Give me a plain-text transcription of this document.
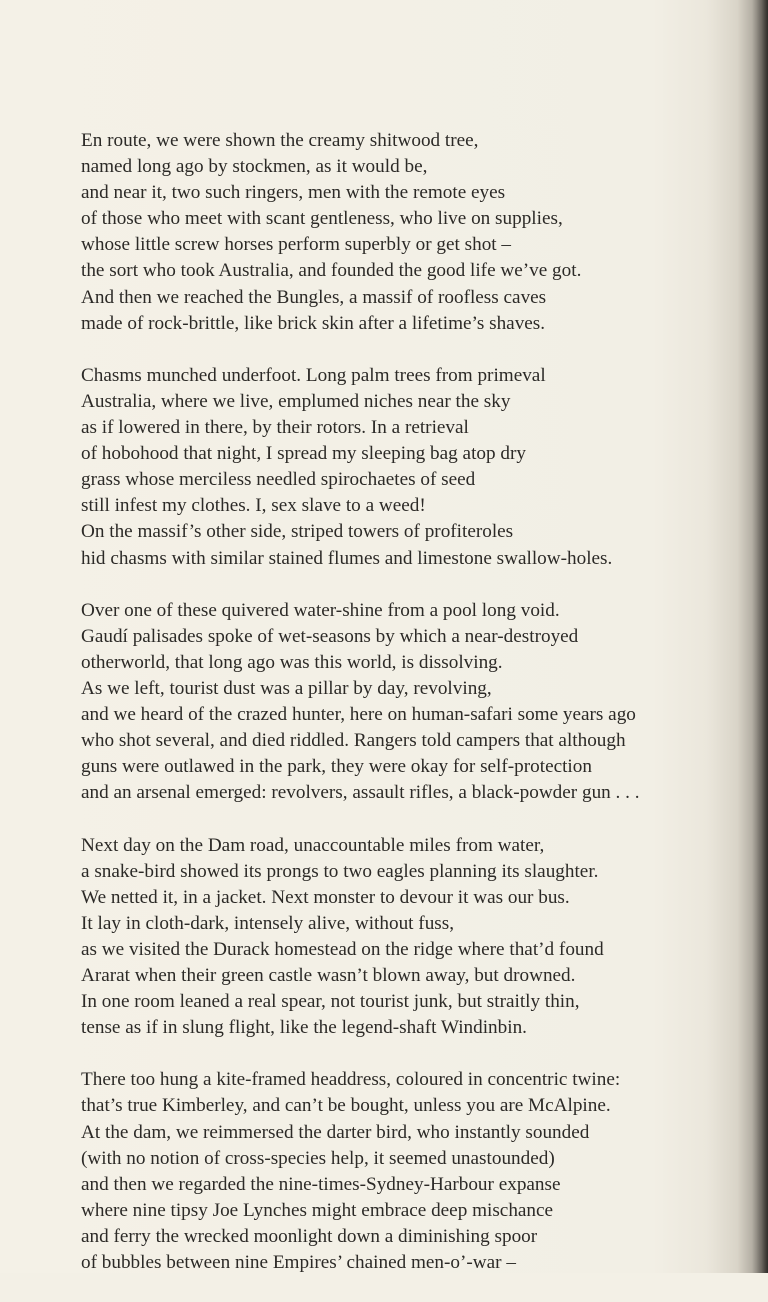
En route, we were shown the creamy shitwood tree,
named long ago by stockmen, as it would be,
and near it, two such ringers, men with the remote eyes
of those who meet with scant gentleness, who live on supplies,
whose little screw horses perform superbly or get shot –
the sort who took Australia, and founded the good life we’ve got.
And then we reached the Bungles, a massif of roofless caves
made of rock-brittle, like brick skin after a lifetime’s shaves.
Chasms munched underfoot. Long palm trees from primeval
Australia, where we live, emplumed niches near the sky
as if lowered in there, by their rotors. In a retrieval
of hobohood that night, I spread my sleeping bag atop dry
grass whose merciless needled spirochaetes of seed
still infest my clothes. I, sex slave to a weed!
On the massif’s other side, striped towers of profiteroles
hid chasms with similar stained flumes and limestone swallow-holes.
Over one of these quivered water-shine from a pool long void.
Gaudí palisades spoke of wet-seasons by which a near-destroyed
otherworld, that long ago was this world, is dissolving.
As we left, tourist dust was a pillar by day, revolving,
and we heard of the crazed hunter, here on human-safari some years ago
who shot several, and died riddled. Rangers told campers that although
guns were outlawed in the park, they were okay for self-protection
and an arsenal emerged: revolvers, assault rifles, a black-powder gun . . .
Next day on the Dam road, unaccountable miles from water,
a snake-bird showed its prongs to two eagles planning its slaughter.
We netted it, in a jacket. Next monster to devour it was our bus.
It lay in cloth-dark, intensely alive, without fuss,
as we visited the Durack homestead on the ridge where that’d found
Ararat when their green castle wasn’t blown away, but drowned.
In one room leaned a real spear, not tourist junk, but straitly thin,
tense as if in slung flight, like the legend-shaft Windinbin.
There too hung a kite-framed headdress, coloured in concentric twine:
that’s true Kimberley, and can’t be bought, unless you are McAlpine.
At the dam, we reimmersed the darter bird, who instantly sounded
(with no notion of cross-species help, it seemed unastounded)
and then we regarded the nine-times-Sydney-Harbour expanse
where nine tipsy Joe Lynches might embrace deep mischance
and ferry the wrecked moonlight down a diminishing spoor
of bubbles between nine Empires’ chained men-o’-war –
